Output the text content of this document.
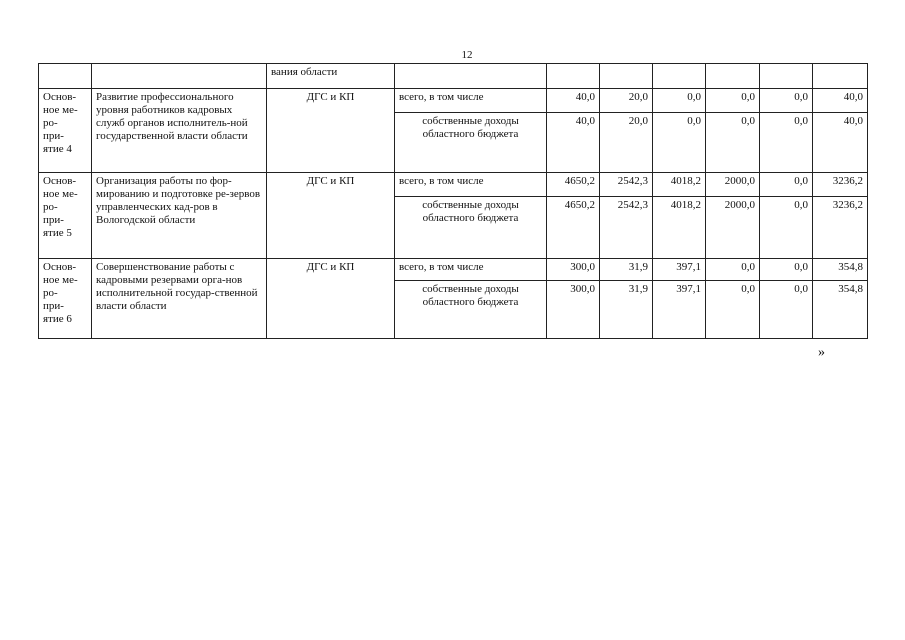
12
		вания области							
Основ-
ное ме-
ро-
при-
ятие 4	Развитие профессионального уровня работников кадровых служб органов исполнитель-ной государственной власти области	ДГС и КП	всего, в том числе	40,0	20,0	0,0	0,0	0,0	40,0
			собственные доходы областного бюджета	40,0	20,0	0,0	0,0	0,0	40,0
Основ-
ное ме-
ро-
при-
ятие 5	Организация работы по фор-мированию и подготовке ре-зервов управленческих кад-ров в Вологодской области	ДГС и КП	всего, в том числе	4650,2	2542,3	4018,2	2000,0	0,0	3236,2
			собственные доходы областного бюджета	4650,2	2542,3	4018,2	2000,0	0,0	3236,2
Основ-
ное ме-
ро-
при-
ятие 6	Совершенствование работы с кадровыми резервами орга-нов исполнительной государ-ственной власти области	ДГС и КП	всего, в том числе	300,0	31,9	397,1	0,0	0,0	354,8
			собственные доходы областного бюджета	300,0	31,9	397,1	0,0	0,0	354,8
»
